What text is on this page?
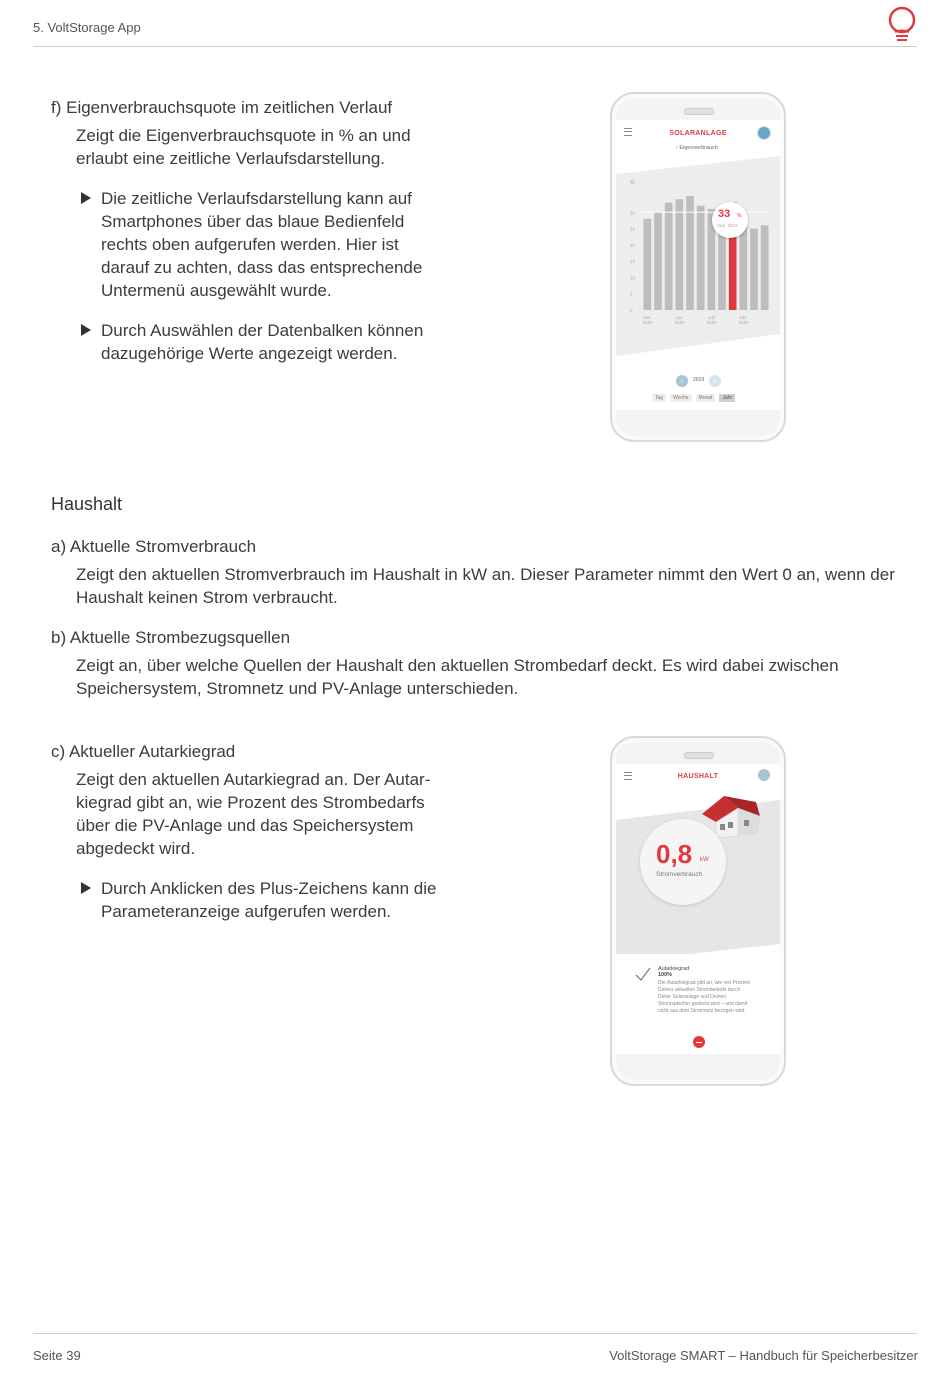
5. VoltStorage App
f) Eigenverbrauchsquote im zeitlichen Verlauf
Zeigt die Eigenverbrauchsquote in % an und
erlaubt eine zeitliche Verlaufsdarstellung.
Die zeitliche Verlaufsdarstellung kann auf
Smartphones über das blaue Bedienfeld
rechts oben aufgerufen werden. Hier ist
darauf zu achten, dass das entsprechende
Untermenü ausgewählt wurde.
Durch Auswählen der Datenbalken können
dazugehörige Werte angezeigt werden.
SOLARANLAGE
‹ Eigenverbrauch
%
30
25
20
15
10
5
0
Jan.
2019
Apr.
2019
Juli
2019
Okt.
2019
33 %
Sep. 2019
‹	2019	›
Tag	Woche	Monat	Jahr
Haushalt
a) Aktuelle Stromverbrauch
Zeigt den aktuellen Stromverbrauch im Haushalt in kW an. Dieser Parameter nimmt den Wert 0 an, wenn der
Haushalt keinen Strom verbraucht.
b) Aktuelle Strombezugsquellen
Zeigt an, über welche Quellen der Haushalt den aktuellen Strombedarf deckt. Es wird dabei zwischen
Speichersystem, Stromnetz und PV-Anlage unterschieden.
c) Aktueller Autarkiegrad
Zeigt den aktuellen Autarkiegrad an. Der Autar-
kiegrad gibt an, wie Prozent des Strombedarfs
über die PV-Anlage und das Speichersystem
abgedeckt wird.
Durch Anklicken des Plus-Zeichens kann die
Parameteranzeige aufgerufen werden.
HAUSHALT
0,8 kW
Stromverbrauch
Autarkiegrad
100%
Der Autarkiegrad gibt an, wie viel Prozent
Deines aktuellen Strombedarfs durch
Deine Solaranlage und Deinen
Stromspeicher gedeckt wird – und damit
nicht aus dem Stromnetz bezogen wird.
Seite 39	VoltStorage SMART – Handbuch für Speicherbesitzer
